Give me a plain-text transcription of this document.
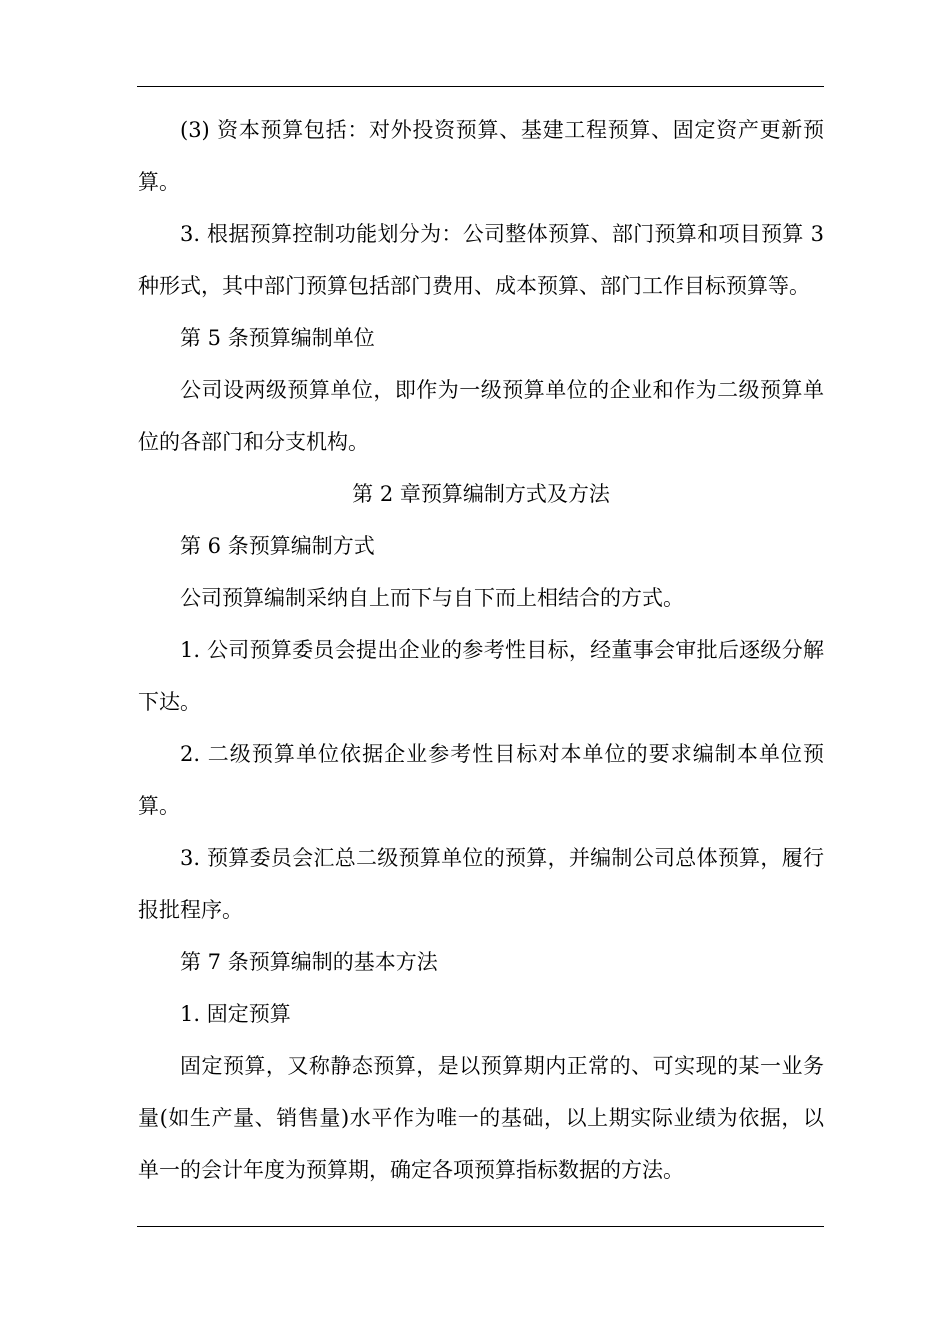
(3) 资本预算包括：对外投资预算、基建工程预算、固定资产更新预算。

3. 根据预算控制功能划分为：公司整体预算、部门预算和项目预算 3 种形式，其中部门预算包括部门费用、成本预算、部门工作目标预算等。

第 5 条预算编制单位

公司设两级预算单位，即作为一级预算单位的企业和作为二级预算单位的各部门和分支机构。

第 2 章预算编制方式及方法

第 6 条预算编制方式

公司预算编制采纳自上而下与自下而上相结合的方式。

1. 公司预算委员会提出企业的参考性目标，经董事会审批后逐级分解下达。

2. 二级预算单位依据企业参考性目标对本单位的要求编制本单位预算。

3. 预算委员会汇总二级预算单位的预算，并编制公司总体预算，履行报批程序。

第 7 条预算编制的基本方法

1. 固定预算

固定预算，又称静态预算，是以预算期内正常的、可实现的某一业务量(如生产量、销售量)水平作为唯一的基础，以上期实际业绩为依据，以单一的会计年度为预算期，确定各项预算指标数据的方法。
